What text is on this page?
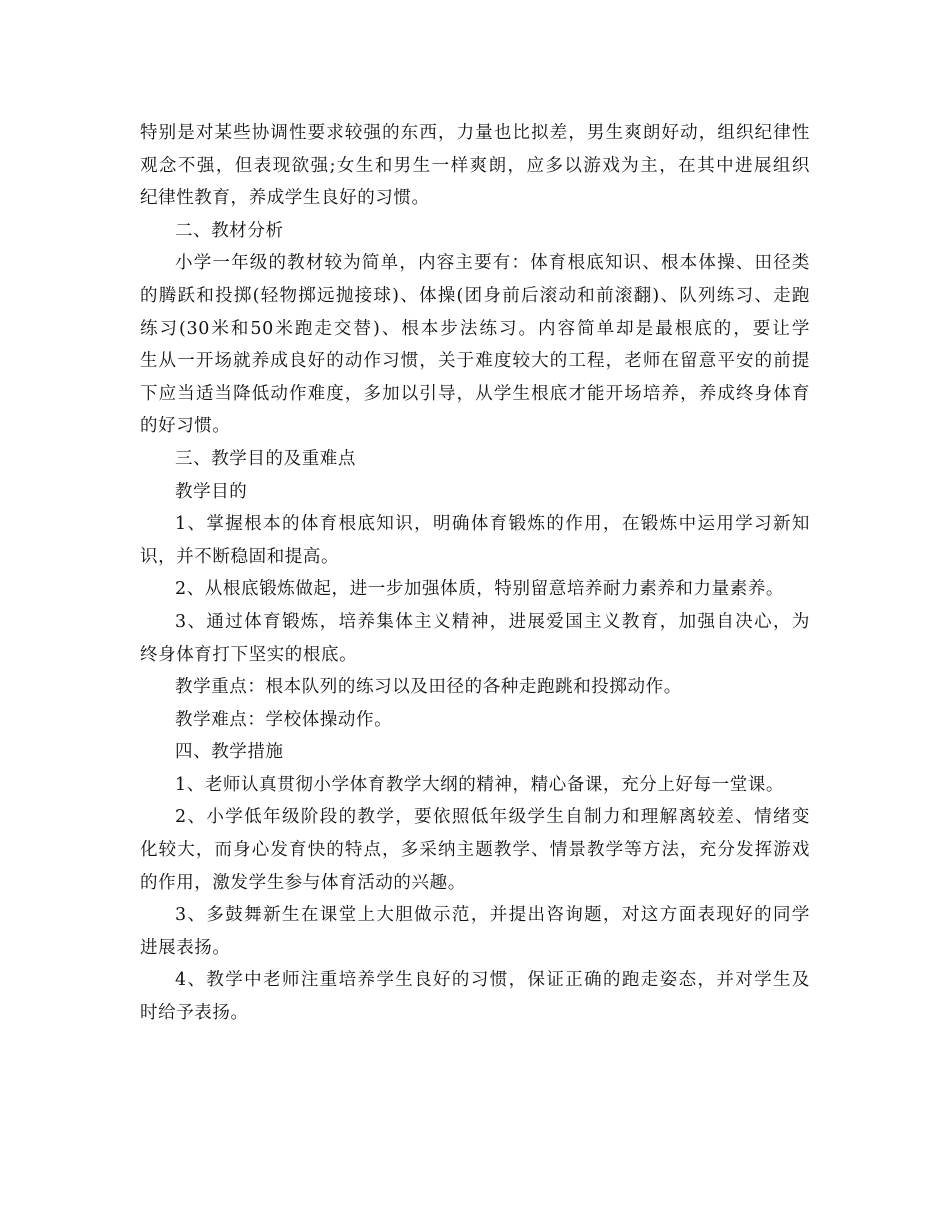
特别是对某些协调性要求较强的东西，力量也比拟差，男生爽朗好动，组织纪律性
观念不强，但表现欲强;女生和男生一样爽朗，应多以游戏为主，在其中进展组织
纪律性教育，养成学生良好的习惯。
二、教材分析
小学一年级的教材较为简单，内容主要有：体育根底知识、根本体操、田径类
的腾跃和投掷(轻物掷远抛接球)、体操(团身前后滚动和前滚翻)、队列练习、走跑
练习(30米和50米跑走交替)、根本步法练习。内容简单却是最根底的，要让学
生从一开场就养成良好的动作习惯，关于难度较大的工程，老师在留意平安的前提
下应当适当降低动作难度，多加以引导，从学生根底才能开场培养，养成终身体育
的好习惯。
三、教学目的及重难点
教学目的
1、掌握根本的体育根底知识，明确体育锻炼的作用，在锻炼中运用学习新知
识，并不断稳固和提高。
2、从根底锻炼做起，进一步加强体质，特别留意培养耐力素养和力量素养。
3、通过体育锻炼，培养集体主义精神，进展爱国主义教育，加强自决心，为
终身体育打下坚实的根底。
教学重点：根本队列的练习以及田径的各种走跑跳和投掷动作。
教学难点：学校体操动作。
四、教学措施
1、老师认真贯彻小学体育教学大纲的精神，精心备课，充分上好每一堂课。
2、小学低年级阶段的教学，要依照低年级学生自制力和理解离较差、情绪变
化较大，而身心发育快的特点，多采纳主题教学、情景教学等方法，充分发挥游戏
的作用，激发学生参与体育活动的兴趣。
3、多鼓舞新生在课堂上大胆做示范，并提出咨询题，对这方面表现好的同学
进展表扬。
4、教学中老师注重培养学生良好的习惯，保证正确的跑走姿态，并对学生及
时给予表扬。
